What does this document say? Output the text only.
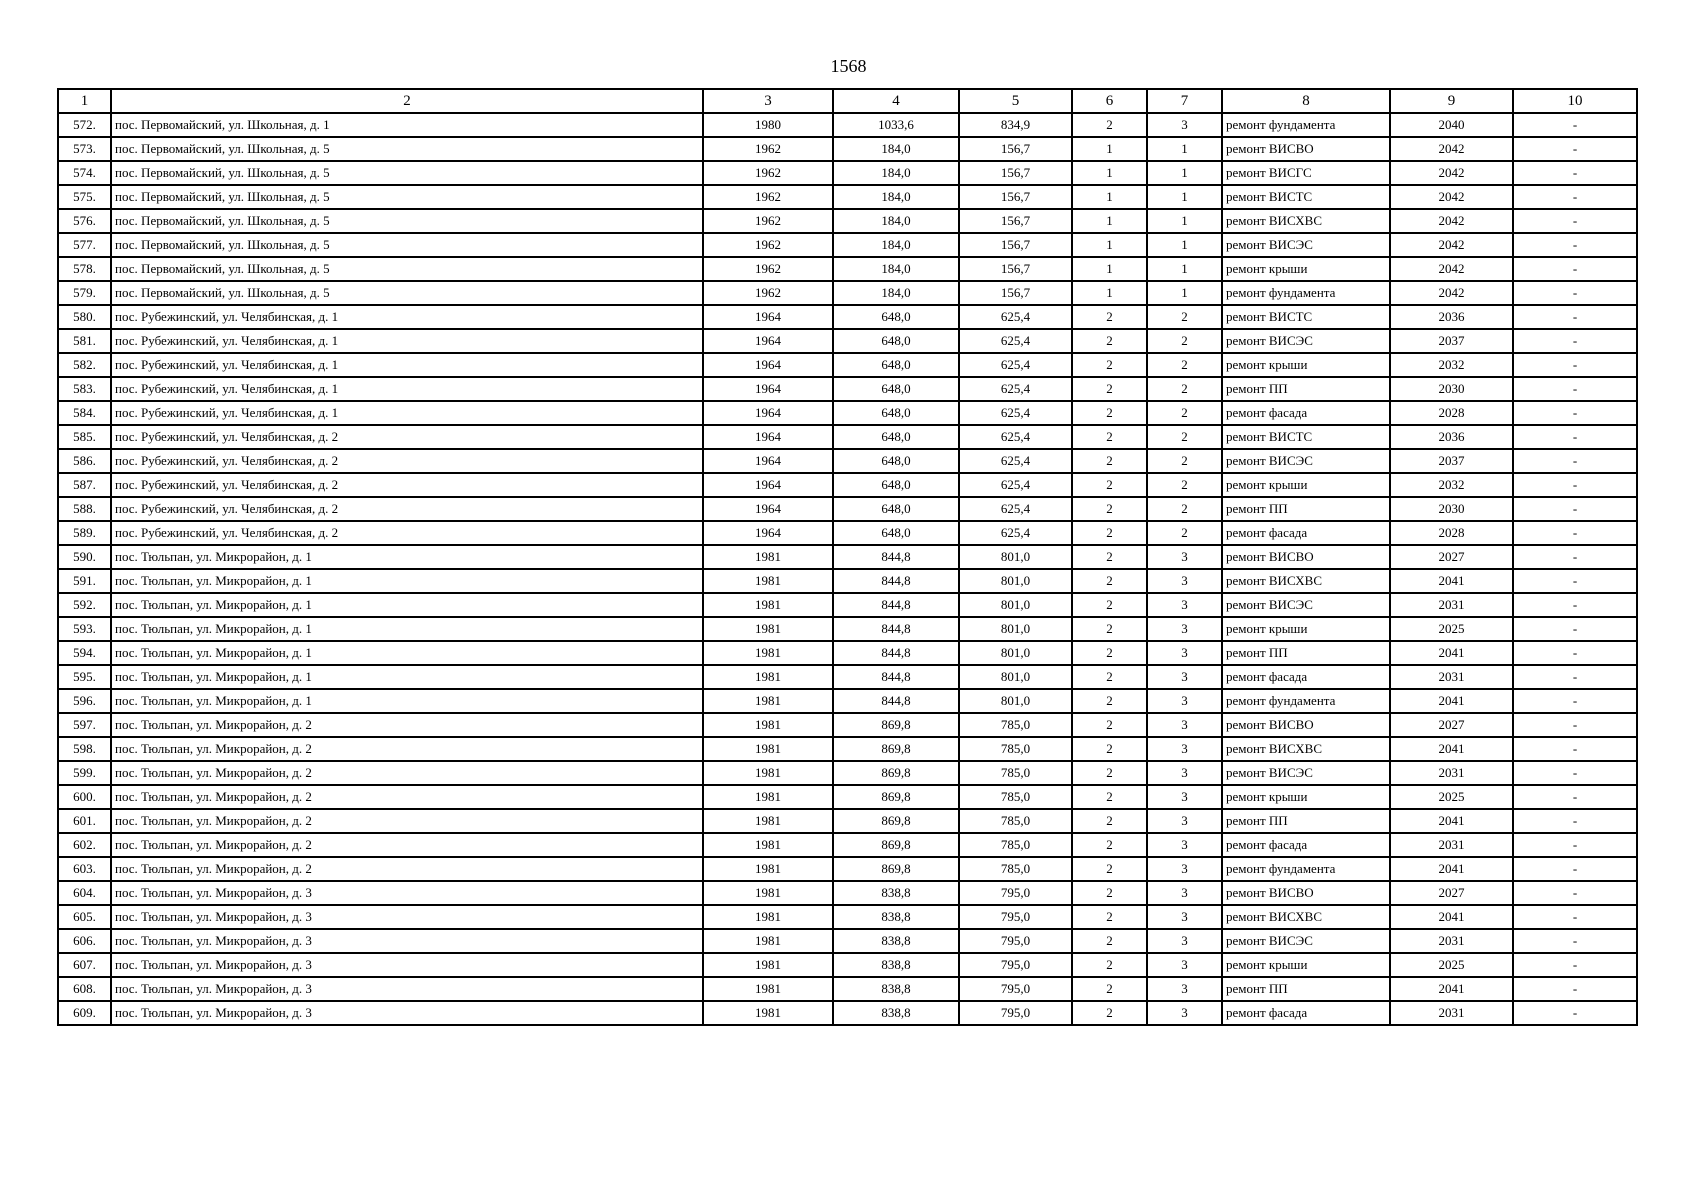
1568
1	2	3	4	5	6	7	8	9	10
572.	пос. Первомайский, ул. Школьная, д. 1	1980	1033,6	834,9	2	3	ремонт фундамента	2040	-
573.	пос. Первомайский, ул. Школьная, д. 5	1962	184,0	156,7	1	1	ремонт ВИСВО	2042	-
574.	пос. Первомайский, ул. Школьная, д. 5	1962	184,0	156,7	1	1	ремонт ВИСГС	2042	-
575.	пос. Первомайский, ул. Школьная, д. 5	1962	184,0	156,7	1	1	ремонт ВИСТС	2042	-
576.	пос. Первомайский, ул. Школьная, д. 5	1962	184,0	156,7	1	1	ремонт ВИСХВС	2042	-
577.	пос. Первомайский, ул. Школьная, д. 5	1962	184,0	156,7	1	1	ремонт ВИСЭС	2042	-
578.	пос. Первомайский, ул. Школьная, д. 5	1962	184,0	156,7	1	1	ремонт крыши	2042	-
579.	пос. Первомайский, ул. Школьная, д. 5	1962	184,0	156,7	1	1	ремонт фундамента	2042	-
580.	пос. Рубежинский, ул. Челябинская, д. 1	1964	648,0	625,4	2	2	ремонт ВИСТС	2036	-
581.	пос. Рубежинский, ул. Челябинская, д. 1	1964	648,0	625,4	2	2	ремонт ВИСЭС	2037	-
582.	пос. Рубежинский, ул. Челябинская, д. 1	1964	648,0	625,4	2	2	ремонт крыши	2032	-
583.	пос. Рубежинский, ул. Челябинская, д. 1	1964	648,0	625,4	2	2	ремонт ПП	2030	-
584.	пос. Рубежинский, ул. Челябинская, д. 1	1964	648,0	625,4	2	2	ремонт фасада	2028	-
585.	пос. Рубежинский, ул. Челябинская, д. 2	1964	648,0	625,4	2	2	ремонт ВИСТС	2036	-
586.	пос. Рубежинский, ул. Челябинская, д. 2	1964	648,0	625,4	2	2	ремонт ВИСЭС	2037	-
587.	пос. Рубежинский, ул. Челябинская, д. 2	1964	648,0	625,4	2	2	ремонт крыши	2032	-
588.	пос. Рубежинский, ул. Челябинская, д. 2	1964	648,0	625,4	2	2	ремонт ПП	2030	-
589.	пос. Рубежинский, ул. Челябинская, д. 2	1964	648,0	625,4	2	2	ремонт фасада	2028	-
590.	пос. Тюльпан, ул. Микрорайон, д. 1	1981	844,8	801,0	2	3	ремонт ВИСВО	2027	-
591.	пос. Тюльпан, ул. Микрорайон, д. 1	1981	844,8	801,0	2	3	ремонт ВИСХВС	2041	-
592.	пос. Тюльпан, ул. Микрорайон, д. 1	1981	844,8	801,0	2	3	ремонт ВИСЭС	2031	-
593.	пос. Тюльпан, ул. Микрорайон, д. 1	1981	844,8	801,0	2	3	ремонт крыши	2025	-
594.	пос. Тюльпан, ул. Микрорайон, д. 1	1981	844,8	801,0	2	3	ремонт ПП	2041	-
595.	пос. Тюльпан, ул. Микрорайон, д. 1	1981	844,8	801,0	2	3	ремонт фасада	2031	-
596.	пос. Тюльпан, ул. Микрорайон, д. 1	1981	844,8	801,0	2	3	ремонт фундамента	2041	-
597.	пос. Тюльпан, ул. Микрорайон, д. 2	1981	869,8	785,0	2	3	ремонт ВИСВО	2027	-
598.	пос. Тюльпан, ул. Микрорайон, д. 2	1981	869,8	785,0	2	3	ремонт ВИСХВС	2041	-
599.	пос. Тюльпан, ул. Микрорайон, д. 2	1981	869,8	785,0	2	3	ремонт ВИСЭС	2031	-
600.	пос. Тюльпан, ул. Микрорайон, д. 2	1981	869,8	785,0	2	3	ремонт крыши	2025	-
601.	пос. Тюльпан, ул. Микрорайон, д. 2	1981	869,8	785,0	2	3	ремонт ПП	2041	-
602.	пос. Тюльпан, ул. Микрорайон, д. 2	1981	869,8	785,0	2	3	ремонт фасада	2031	-
603.	пос. Тюльпан, ул. Микрорайон, д. 2	1981	869,8	785,0	2	3	ремонт фундамента	2041	-
604.	пос. Тюльпан, ул. Микрорайон, д. 3	1981	838,8	795,0	2	3	ремонт ВИСВО	2027	-
605.	пос. Тюльпан, ул. Микрорайон, д. 3	1981	838,8	795,0	2	3	ремонт ВИСХВС	2041	-
606.	пос. Тюльпан, ул. Микрорайон, д. 3	1981	838,8	795,0	2	3	ремонт ВИСЭС	2031	-
607.	пос. Тюльпан, ул. Микрорайон, д. 3	1981	838,8	795,0	2	3	ремонт крыши	2025	-
608.	пос. Тюльпан, ул. Микрорайон, д. 3	1981	838,8	795,0	2	3	ремонт ПП	2041	-
609.	пос. Тюльпан, ул. Микрорайон, д. 3	1981	838,8	795,0	2	3	ремонт фасада	2031	-
